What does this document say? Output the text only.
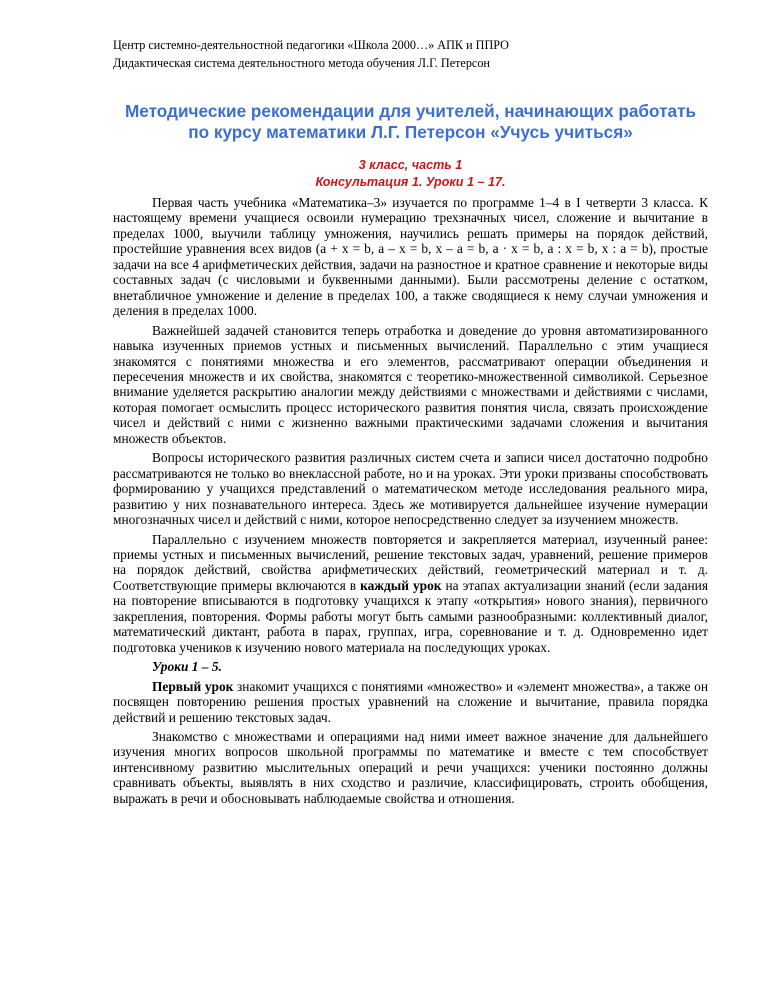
Центр системно-деятельностной педагогики «Школа 2000…» АПК и ППРО

Дидактическая система деятельностного метода обучения Л.Г. Петерсон

Методические рекомендации для учителей, начинающих работать по курсу математики Л.Г. Петерсон «Учусь учиться»

3 класс, часть 1

Консультация 1. Уроки 1 – 17.

Первая часть учебника «Математика–3» изучается по программе 1–4 в I четверти 3 класса. К настоящему времени учащиеся освоили нумерацию трехзначных чисел, сложение и вычитание в пределах 1000, выучили таблицу умножения, научились решать примеры на порядок действий, простейшие уравнения всех видов (a + x = b, a – x = b, x – a = b, a · x = b, a : x = b, x : a = b), простые задачи на все 4 арифметических действия, задачи на разностное и кратное сравнение и некоторые виды составных задач (с числовыми и буквенными данными). Были рассмотрены деление с остатком, внетабличное умножение и деление в пределах 100, а также сводящиеся к нему случаи умножения и деления в пределах 1000.

Важнейшей задачей становится теперь отработка и доведение до уровня автоматизированного навыка изученных приемов устных и письменных вычислений. Параллельно с этим учащиеся знакомятся с понятиями множества и его элементов, рассматривают операции объединения и пересечения множеств и их свойства, знакомятся с теоретико-множественной символикой. Серьезное внимание уделяется раскрытию аналогии между действиями с множествами и действиями с числами, которая помогает осмыслить процесс исторического развития понятия числа, связать происхождение чисел и действий с ними с жизненно важными практическими задачами сложения и вычитания множеств объектов.

Вопросы исторического развития различных систем счета и записи чисел достаточно подробно рассматриваются не только во внеклассной работе, но и на уроках. Эти уроки призваны способствовать формированию у учащихся представлений о математическом методе исследования реального мира, развитию у них познавательного интереса. Здесь же мотивируется дальнейшее изучение нумерации многозначных чисел и действий с ними, которое непосредственно следует за изучением множеств.

Параллельно с изучением множеств повторяется и закрепляется материал, изученный ранее: приемы устных и письменных вычислений, решение текстовых задач, уравнений, решение примеров на порядок действий, свойства арифметических действий, геометрический материал и т. д. Соответствующие примеры включаются в каждый урок на этапах актуализации знаний (если задания на повторение вписываются в подготовку учащихся к этапу «открытия» нового знания), первичного закрепления, повторения. Формы работы могут быть самыми разнообразными: коллективный диалог, математический диктант, работа в парах, группах, игра, соревнование и т. д. Одновременно идет подготовка учеников к изучению нового материала на последующих уроках.

Уроки 1 – 5.

Первый урок знакомит учащихся с понятиями «множество» и «элемент множества», а также он посвящен повторению решения простых уравнений на сложение и вычитание, правила порядка действий и решению текстовых задач.

Знакомство с множествами и операциями над ними имеет важное значение для дальнейшего изучения многих вопросов школьной программы по математике и вместе с тем способствует интенсивному развитию мыслительных операций и речи учащихся: ученики постоянно должны сравнивать объекты, выявлять в них сходство и различие, классифицировать, строить обобщения, выражать в речи и обосновывать наблюдаемые свойства и отношения.
